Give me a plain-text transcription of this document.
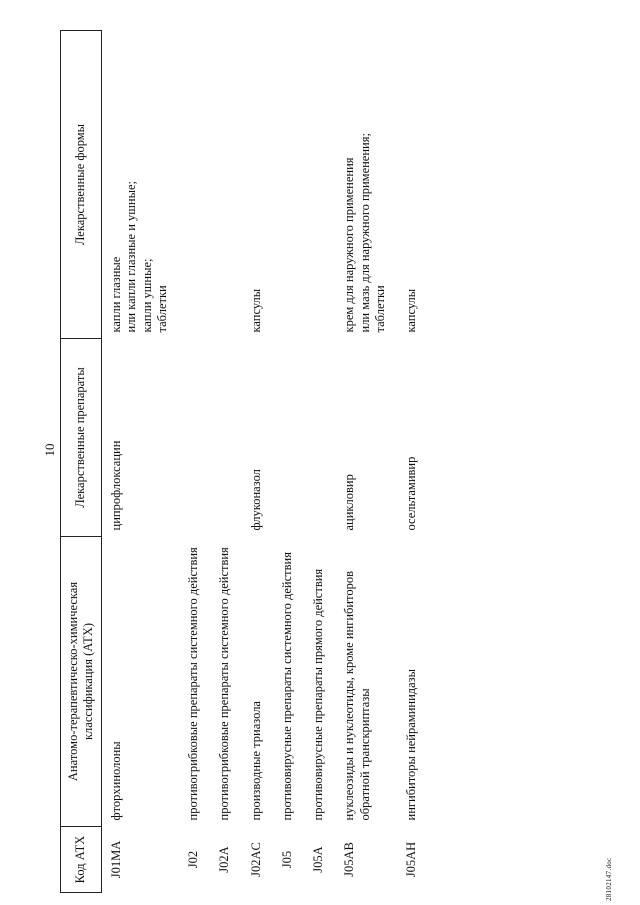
10
Код АТХ	Анатомо-терапевтическо-химическая классификация (АТХ)	Лекарственные препараты	Лекарственные формы
J01MA	фторхинолоны	ципрофлоксацин	капли глазные или капли глазные и ушные; капли ушные; таблетки

J02	противогрибковые препараты системного действия		
J02A	противогрибковые препараты системного действия		
J02AC	производные триазола	флуконазол	капсулы

J05	противовирусные препараты системного действия		
J05A	противовирусные препараты прямого действия		
J05AB	нуклеозиды и нуклеотиды, кроме ингибиторов обратной транскриптазы	ацикловир	крем для наружного применения или мазь для наружного применения; таблетки

J05AH	ингибиторы нейраминидазы	осельтамивир	капсулы
28102147.doc
